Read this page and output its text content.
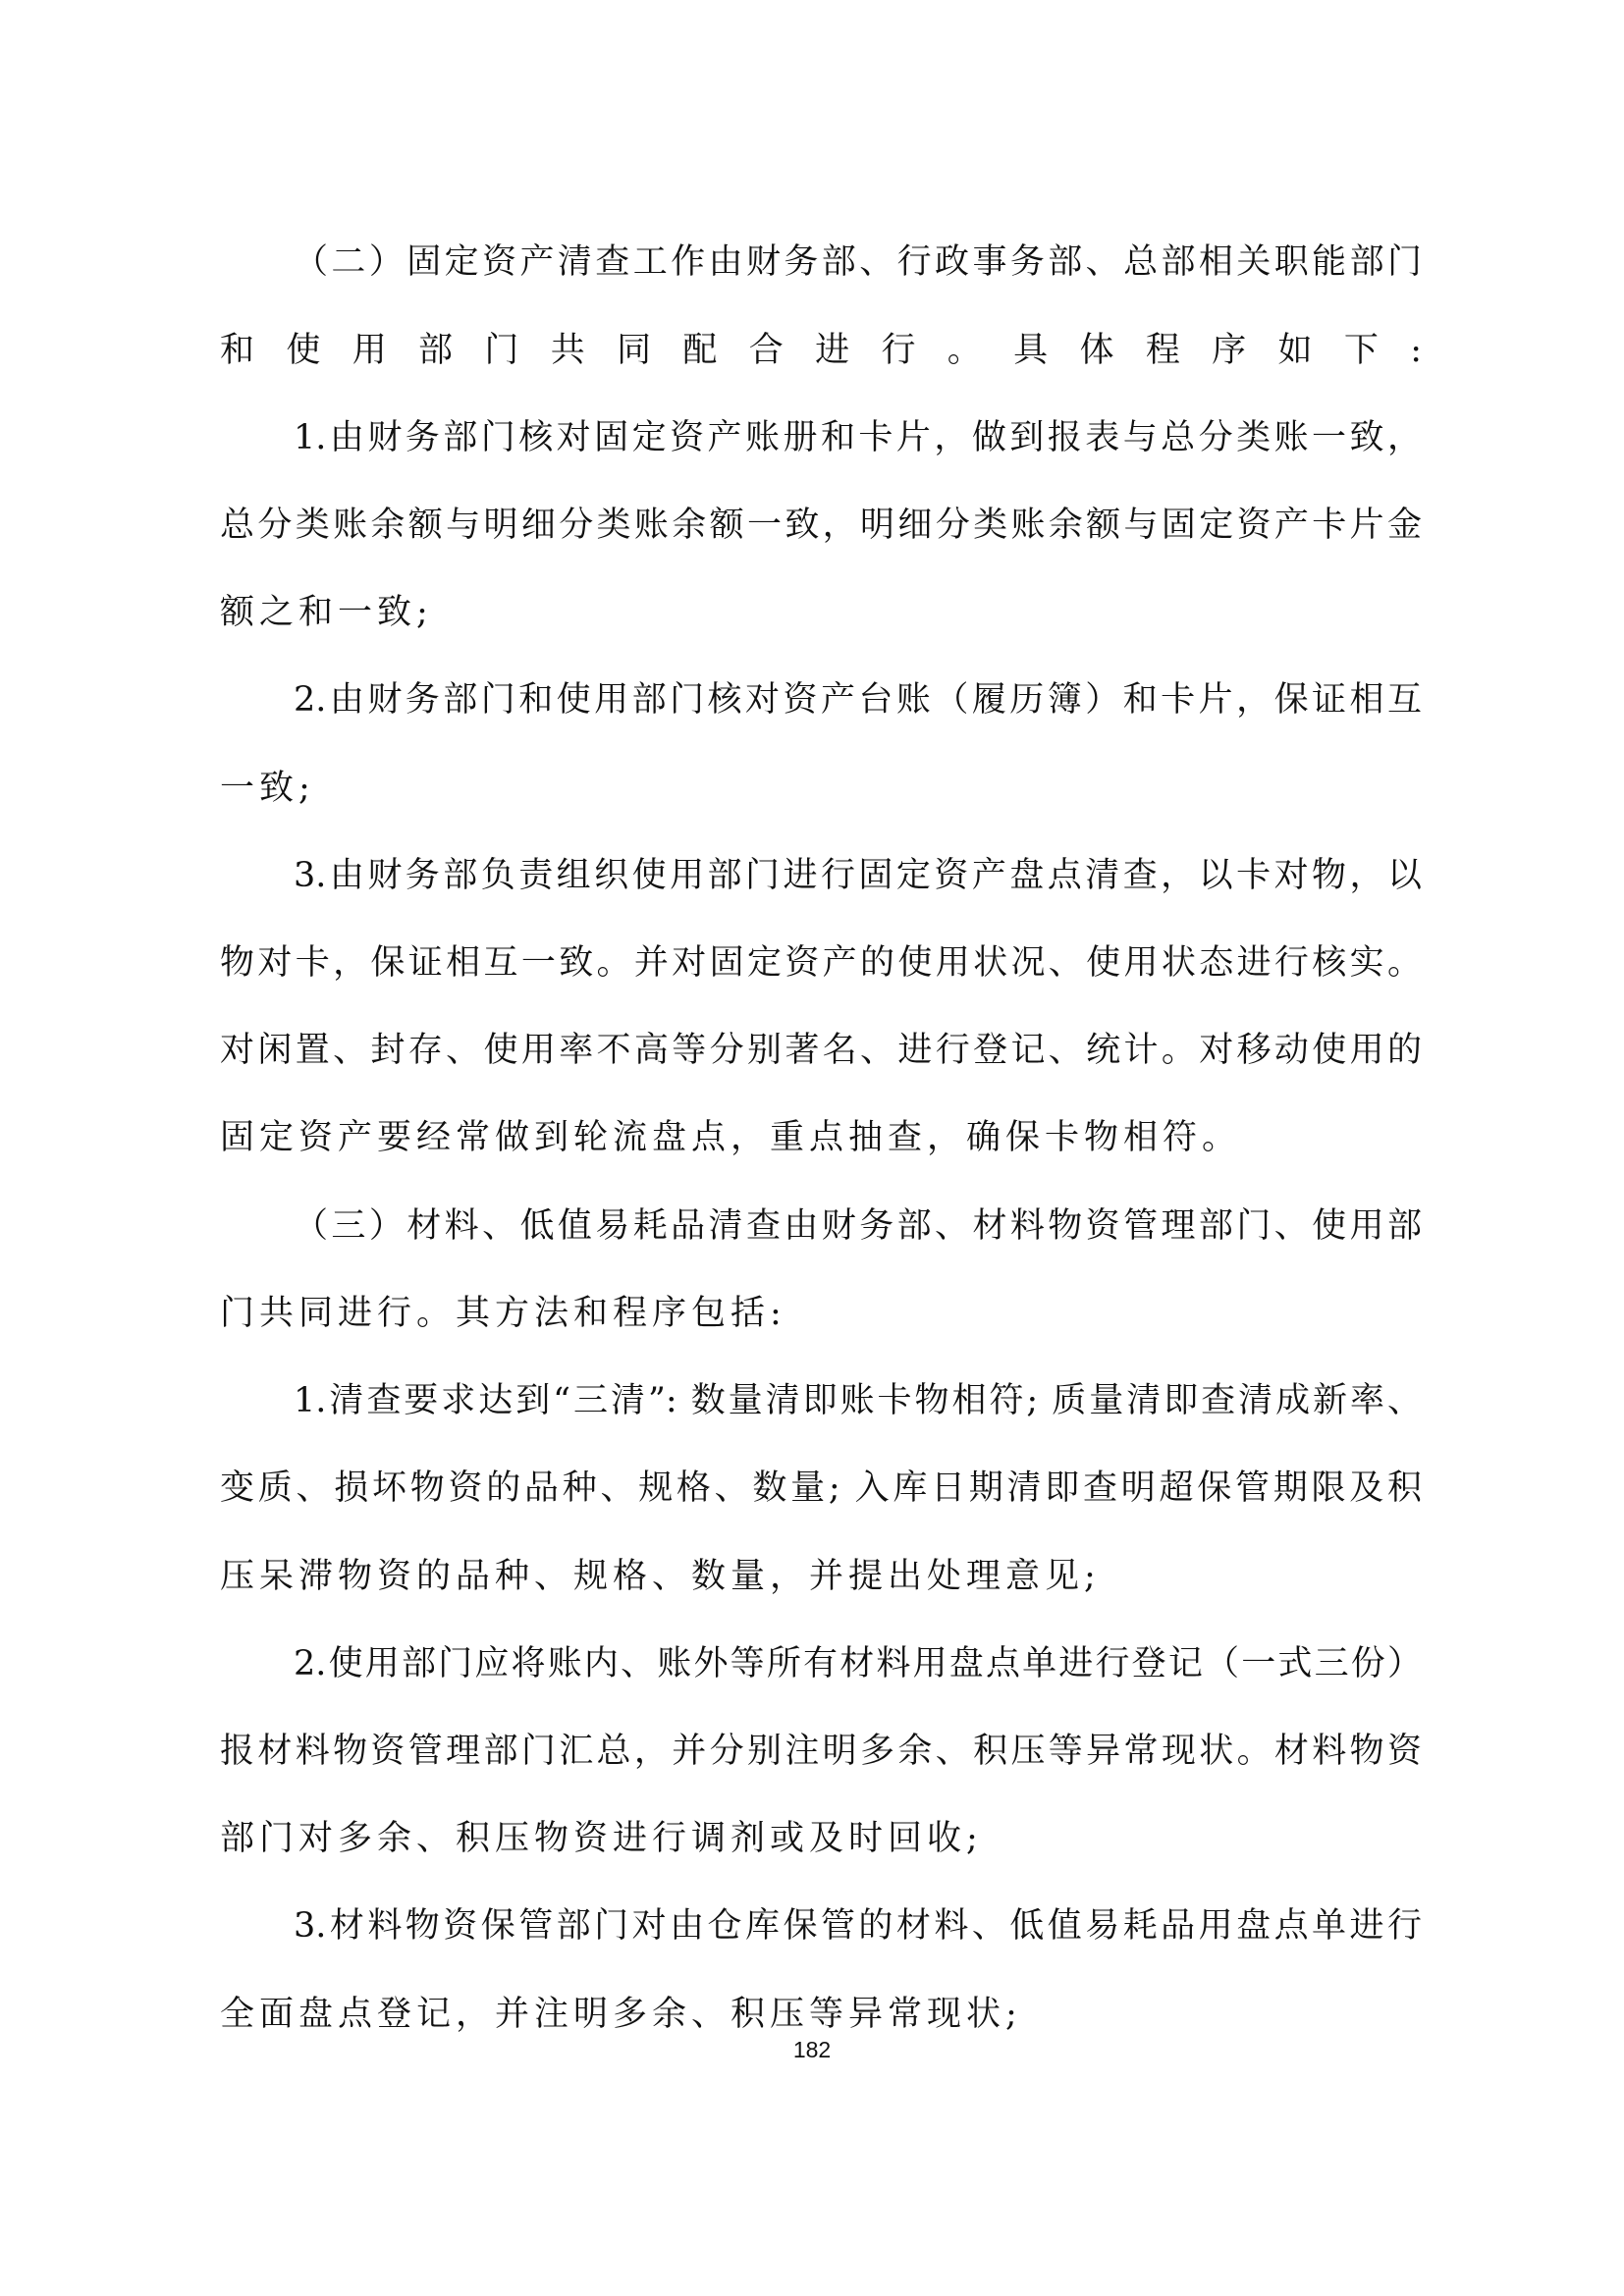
（二）固定资产清查工作由财务部、行政事务部、总部相关职能部门
和使用部门共同配合进行。具体程序如下:
1.由财务部门核对固定资产账册和卡片，做到报表与总分类账一致，
总分类账余额与明细分类账余额一致，明细分类账余额与固定资产卡片金
额之和一致;
2.由财务部门和使用部门核对资产台账（履历簿）和卡片，保证相互
一致;
3.由财务部负责组织使用部门进行固定资产盘点清查，以卡对物，以
物对卡，保证相互一致。并对固定资产的使用状况、使用状态进行核实。
对闲置、封存、使用率不高等分别著名、进行登记、统计。对移动使用的
固定资产要经常做到轮流盘点，重点抽查，确保卡物相符。
（三）材料、低值易耗品清查由财务部、材料物资管理部门、使用部
门共同进行。其方法和程序包括:
1.清查要求达到“三清”: 数量清即账卡物相符; 质量清即查清成新率、
变质、损坏物资的品种、规格、数量; 入库日期清即查明超保管期限及积
压呆滞物资的品种、规格、数量，并提出处理意见;
2.使用部门应将账内、账外等所有材料用盘点单进行登记（一式三份）
报材料物资管理部门汇总，并分别注明多余、积压等异常现状。材料物资
部门对多余、积压物资进行调剂或及时回收;
3.材料物资保管部门对由仓库保管的材料、低值易耗品用盘点单进行
全面盘点登记，并注明多余、积压等异常现状;
182
